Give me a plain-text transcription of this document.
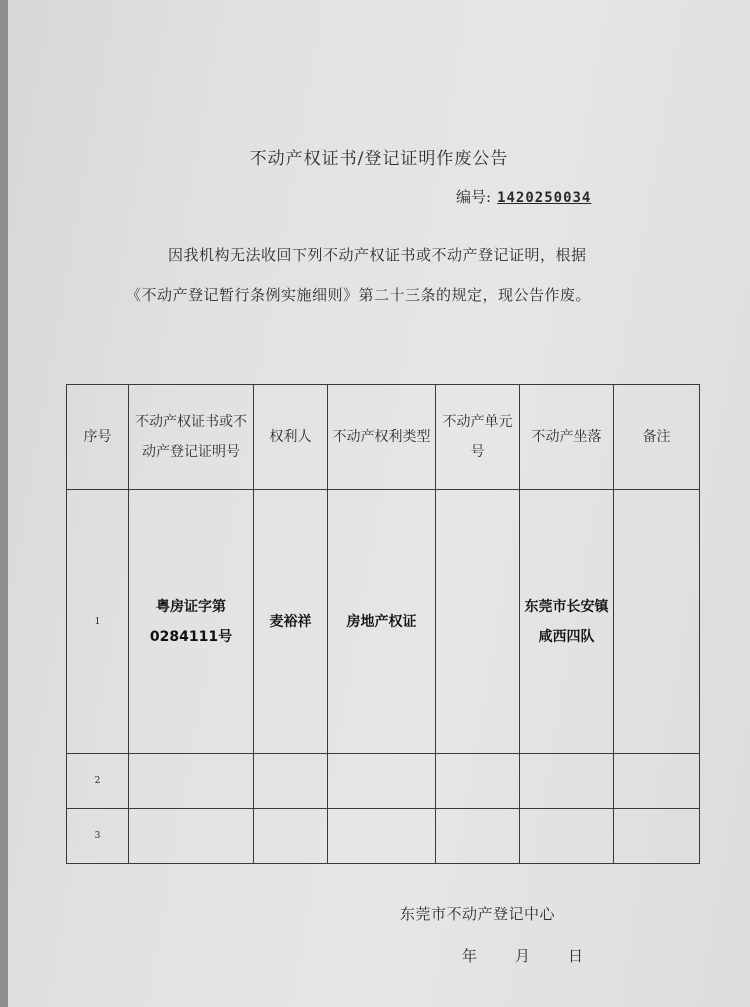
不动产权证书/登记证明作废公告
编号: 1420250034
因我机构无法收回下列不动产权证书或不动产登记证明，根据
《不动产登记暂行条例实施细则》第二十三条的规定，现公告作废。
序号	不动产权证书或不动产登记证明号	权利人	不动产权利类型	不动产单元号	不动产坐落	备注
1	粤房证字第0284111号	麦裕祥	房地产权证		东莞市长安镇咸西四队	
2						
3						
东莞市不动产登记中心
年	月	日
